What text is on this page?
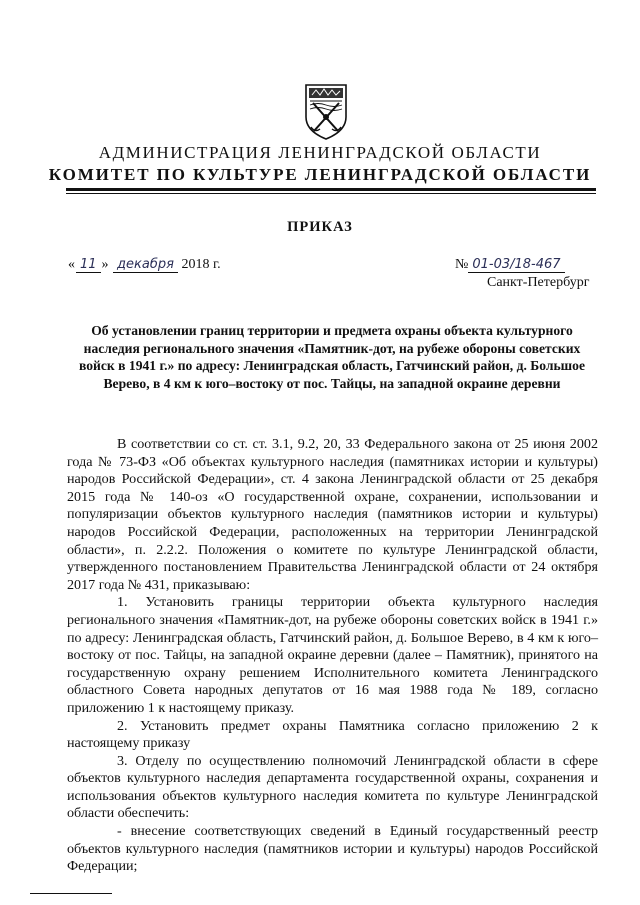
АДМИНИСТРАЦИЯ ЛЕНИНГРАДСКОЙ ОБЛАСТИ
КОМИТЕТ ПО КУЛЬТУРЕ ЛЕНИНГРАДСКОЙ ОБЛАСТИ
ПРИКАЗ
« 11 » декабря 2018 г.	№ 01-03/18-467
Санкт-Петербург
Об установлении границ территории и предмета охраны объекта культурного наследия регионального значения «Памятник-дот, на рубеже обороны советских войск в 1941 г.» по адресу: Ленинградская область, Гатчинский район, д. Большое Верево, в 4 км к юго–востоку от пос. Тайцы, на западной окраине деревни

В соответствии со ст. ст. 3.1, 9.2, 20, 33 Федерального закона от 25 июня 2002 года № 73-ФЗ «Об объектах культурного наследия (памятниках истории и культуры) народов Российской Федерации», ст. 4 закона Ленинградской области от 25 декабря 2015 года № 140-оз «О государственной охране, сохранении, использовании и популяризации объектов культурного наследия (памятников истории и культуры) народов Российской Федерации, расположенных на территории Ленинградской области», п. 2.2.2. Положения о комитете по культуре Ленинградской области, утвержденного постановлением Правительства Ленинградской области от 24 октября 2017 года № 431, приказываю:

1. Установить границы территории объекта культурного наследия регионального значения «Памятник-дот, на рубеже обороны советских войск в 1941 г.» по адресу: Ленинградская область, Гатчинский район, д. Большое Верево, в 4 км к юго–востоку от пос. Тайцы, на западной окраине деревни (далее – Памятник), принятого на государственную охрану решением Исполнительного комитета Ленинградского областного Совета народных депутатов от 16 мая 1988 года № 189, согласно приложению 1 к настоящему приказу.

2. Установить предмет охраны Памятника согласно приложению 2 к настоящему приказу

3. Отделу по осуществлению полномочий Ленинградской области в сфере объектов культурного наследия департамента государственной охраны, сохранения и использования объектов культурного наследия комитета по культуре Ленинградской области обеспечить:

- внесение соответствующих сведений в Единый государственный реестр объектов культурного наследия (памятников истории и культуры) народов Российской Федерации;
